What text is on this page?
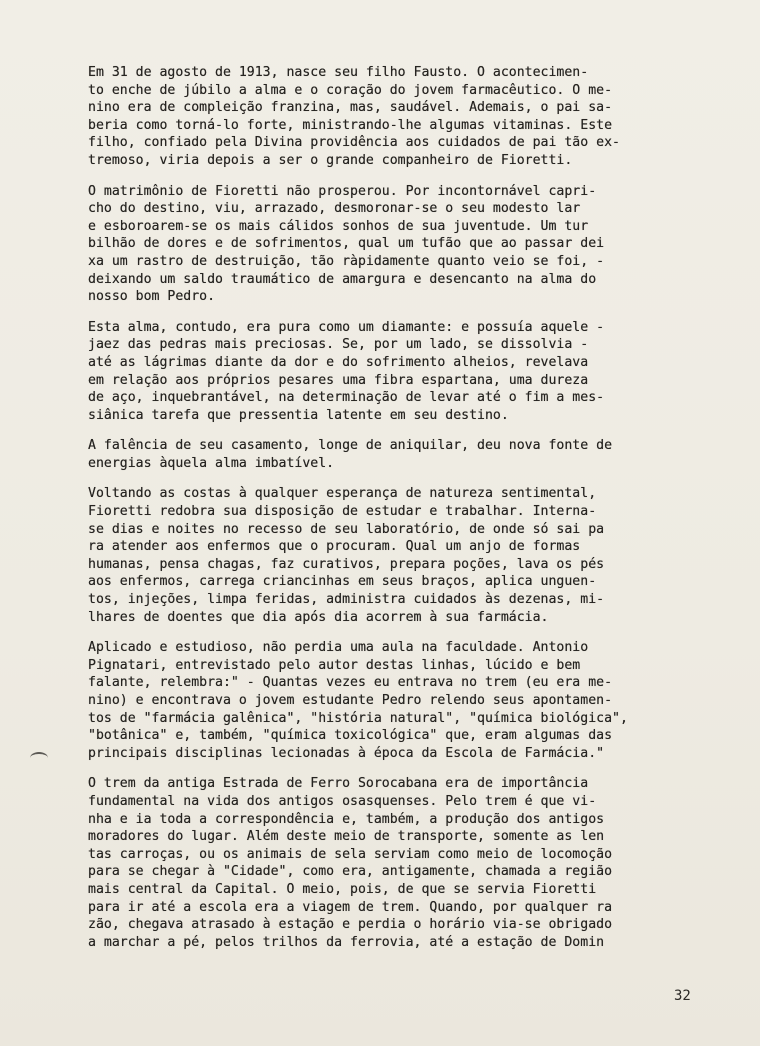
Em 31 de agosto de 1913, nasce seu filho Fausto. O acontecimen-
to enche de júbilo a alma e o coração do jovem farmacêutico. O me-
nino era de compleição franzina, mas, saudável. Ademais, o pai sa-
beria como torná-lo forte, ministrando-lhe algumas vitaminas. Este
filho, confiado pela Divina providência aos cuidados de pai tão ex-
tremoso, viria depois a ser o grande companheiro de Fioretti.
O matrimônio de Fioretti não prosperou. Por incontornável capri-
cho do destino, viu, arrazado, desmoronar-se o seu modesto lar
e esboroarem-se os mais cálidos sonhos de sua juventude. Um tur
bilhão de dores e de sofrimentos, qual um tufão que ao passar dei
xa um rastro de destruição, tão ràpidamente quanto veio se foi, -
deixando um saldo traumático de amargura e desencanto na alma do
nosso bom Pedro.
Esta alma, contudo, era pura como um diamante: e possuía aquele -
jaez das pedras mais preciosas. Se, por um lado, se dissolvia -
até as lágrimas diante da dor e do sofrimento alheios, revelava
em relação aos próprios pesares uma fibra espartana, uma dureza
de aço, inquebrantável, na determinação de levar até o fim a mes-
siânica tarefa que pressentia latente em seu destino.
A falência de seu casamento, longe de aniquilar, deu nova fonte de
energias àquela alma imbatível.
Voltando as costas à qualquer esperança de natureza sentimental,
Fioretti redobra sua disposição de estudar e trabalhar. Interna-
se dias e noites no recesso de seu laboratório, de onde só sai pa
ra atender aos enfermos que o procuram. Qual um anjo de formas
humanas, pensa chagas, faz curativos, prepara poções, lava os pés
aos enfermos, carrega criancinhas em seus braços, aplica unguen-
tos, injeções, limpa feridas, administra cuidados às dezenas, mi-
lhares de doentes que dia após dia acorrem à sua farmácia.
Aplicado e estudioso, não perdia uma aula na faculdade. Antonio
Pignatari, entrevistado pelo autor destas linhas, lúcido e bem
falante, relembra:" - Quantas vezes eu entrava no trem (eu era me-
nino) e encontrava o jovem estudante Pedro relendo seus apontamen-
tos de "farmácia galênica", "história natural", "química biológica",
"botânica" e, também, "química toxicológica" que, eram algumas das
principais disciplinas lecionadas à época da Escola de Farmácia."
O trem da antiga Estrada de Ferro Sorocabana era de importância
fundamental na vida dos antigos osasquenses. Pelo trem é que vi-
nha e ia toda a correspondência e, também, a produção dos antigos
moradores do lugar. Além deste meio de transporte, somente as len
tas carroças, ou os animais de sela serviam como meio de locomoção
para se chegar à "Cidade", como era, antigamente, chamada a região
mais central da Capital. O meio, pois, de que se servia Fioretti
para ir até a escola era a viagem de trem. Quando, por qualquer ra
zão, chegava atrasado à estação e perdia o horário via-se obrigado
a marchar a pé, pelos trilhos da ferrovia, até a estação de Domin
32
